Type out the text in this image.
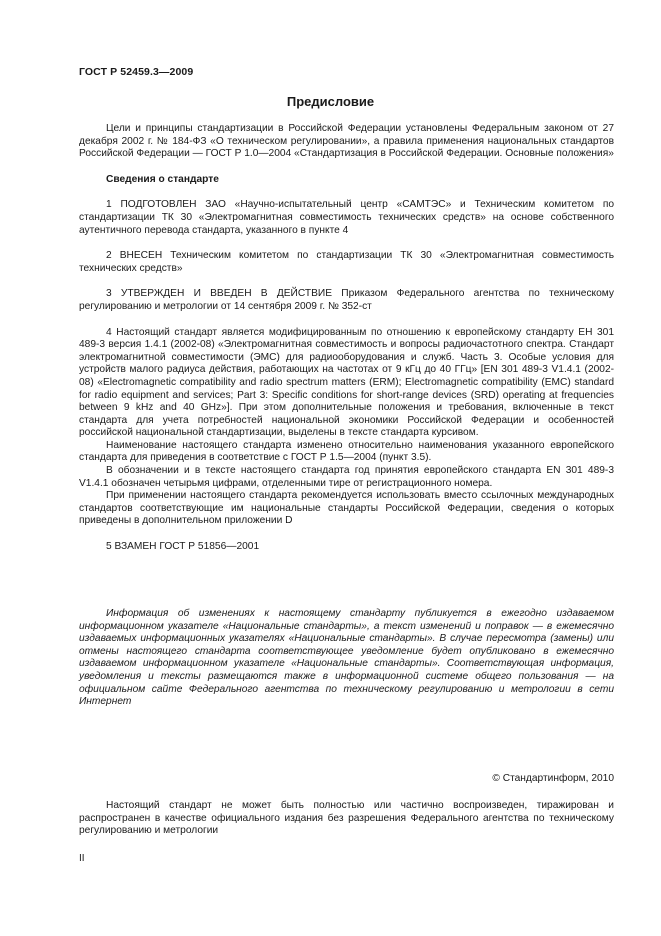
ГОСТ Р 52459.3—2009
Предисловие

Цели и принципы стандартизации в Российской Федерации установлены Федеральным законом от 27 декабря 2002 г. № 184-ФЗ «О техническом регулировании», а правила применения национальных стандартов Российской Федерации — ГОСТ Р 1.0—2004 «Стандартизация в Российской Федерации. Основные положения»

Сведения о стандарте

1 ПОДГОТОВЛЕН ЗАО «Научно-испытательный центр «САМТЭС» и Техническим комитетом по стандартизации ТК 30 «Электромагнитная совместимость технических средств» на основе собственного аутентичного перевода стандарта, указанного в пункте 4

2 ВНЕСЕН Техническим комитетом по стандартизации ТК 30 «Электромагнитная совместимость технических средств»

3 УТВЕРЖДЕН И ВВЕДЕН В ДЕЙСТВИЕ Приказом Федерального агентства по техническому регулированию и метрологии от 14 сентября 2009 г. № 352-ст

4 Настоящий стандарт является модифицированным по отношению к европейскому стандарту ЕН 301 489-3 версия 1.4.1 (2002-08) «Электромагнитная совместимость и вопросы радиочастотного спектра. Стандарт электромагнитной совместимости (ЭМС) для радиооборудования и служб. Часть 3. Особые условия для устройств малого радиуса действия, работающих на частотах от 9 кГц до 40 ГГц» [EN 301 489-3 V1.4.1 (2002-08) «Electromagnetic compatibility and radio spectrum matters (ERM); Electromagnetic compatibility (EMC) standard for radio equipment and services; Part 3: Specific conditions for short-range devices (SRD) operating at frequencies between 9 kHz and 40 GHz»]. При этом дополнительные положения и требования, включенные в текст стандарта для учета потребностей национальной экономики Российской Федерации и особенностей российской национальной стандартизации, выделены в тексте стандарта курсивом.

Наименование настоящего стандарта изменено относительно наименования указанного европейского стандарта для приведения в соответствие с ГОСТ Р 1.5—2004 (пункт 3.5).

В обозначении и в тексте настоящего стандарта год принятия европейского стандарта EN 301 489-3 V1.4.1 обозначен четырьмя цифрами, отделенными тире от регистрационного номера.

При применении настоящего стандарта рекомендуется использовать вместо ссылочных международных стандартов соответствующие им национальные стандарты Российской Федерации, сведения о которых приведены в дополнительном приложении D

5 ВЗАМЕН ГОСТ Р 51856—2001

Информация об изменениях к настоящему стандарту публикуется в ежегодно издаваемом информационном указателе «Национальные стандарты», а текст изменений и поправок — в ежемесячно издаваемых информационных указателях «Национальные стандарты». В случае пересмотра (замены) или отмены настоящего стандарта соответствующее уведомление будет опубликовано в ежемесячно издаваемом информационном указателе «Национальные стандарты». Соответствующая информация, уведомления и тексты размещаются также в информационной системе общего пользования — на официальном сайте Федерального агентства по техническому регулированию и метрологии в сети Интернет

© Стандартинформ, 2010

Настоящий стандарт не может быть полностью или частично воспроизведен, тиражирован и распространен в качестве официального издания без разрешения Федерального агентства по техническому регулированию и метрологии

II
